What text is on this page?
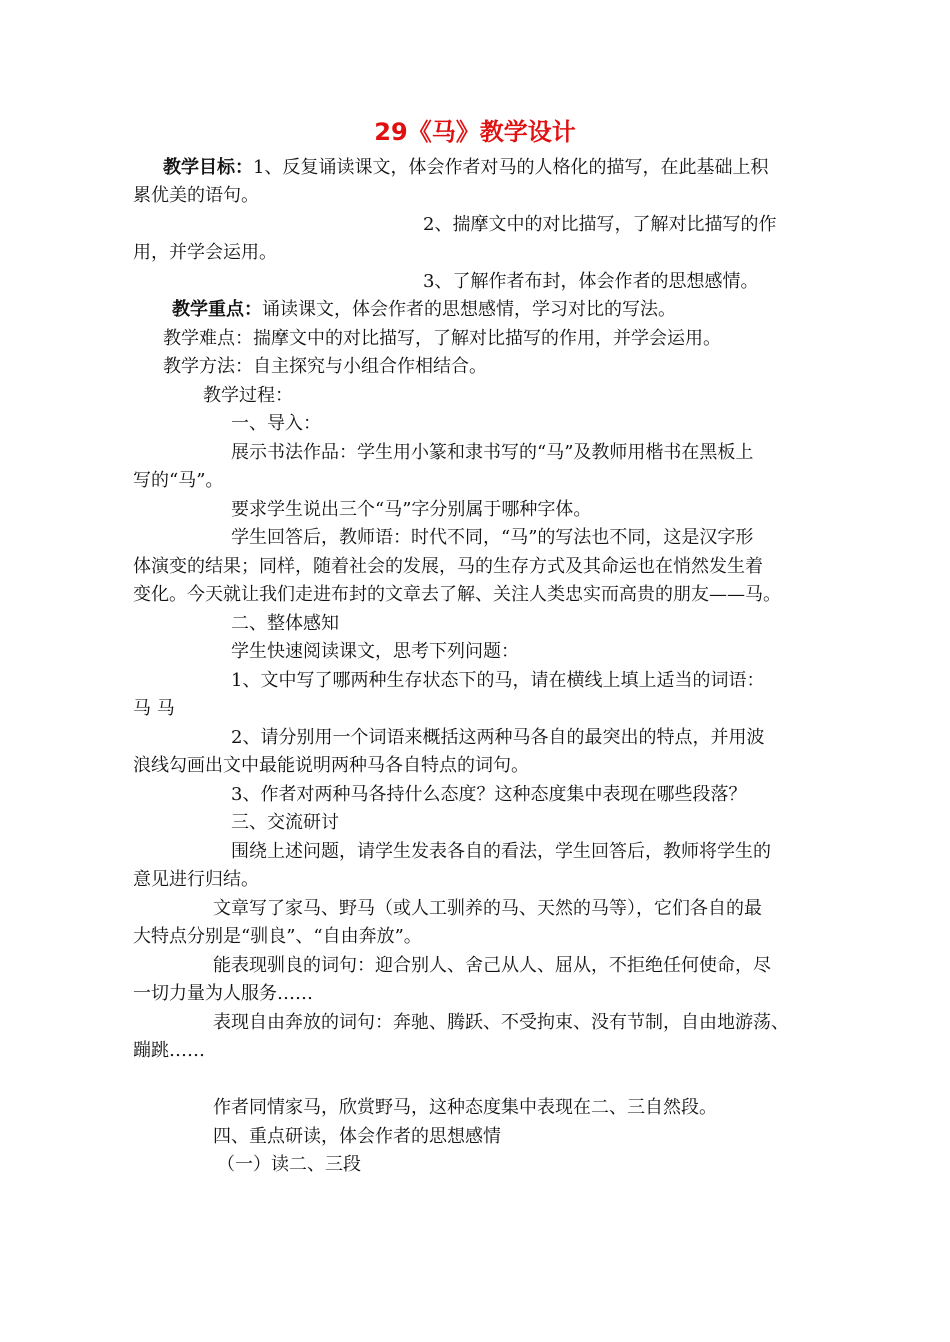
29《马》教学设计
教学目标：1、反复诵读课文，体会作者对马的人格化的描写，在此基础上积
累优美的语句。
2、揣摩文中的对比描写，了解对比描写的作
用，并学会运用。
3、了解作者布封，体会作者的思想感情。
教学重点：诵读课文，体会作者的思想感情，学习对比的写法。
教学难点：揣摩文中的对比描写，了解对比描写的作用，并学会运用。
教学方法：自主探究与小组合作相结合。
教学过程：
一、导入：
展示书法作品：学生用小篆和隶书写的“马”及教师用楷书在黑板上
写的“马”。
要求学生说出三个“马”字分别属于哪种字体。
学生回答后，教师语：时代不同，“马”的写法也不同，这是汉字形
体演变的结果；同样，随着社会的发展，马的生存方式及其命运也在悄然发生着
变化。今天就让我们走进布封的文章去了解、关注人类忠实而高贵的朋友——马。
二、整体感知
学生快速阅读课文，思考下列问题：
1、文中写了哪两种生存状态下的马，请在横线上填上适当的词语：
马 马
2、请分别用一个词语来概括这两种马各自的最突出的特点，并用波
浪线勾画出文中最能说明两种马各自特点的词句。
3、作者对两种马各持什么态度？这种态度集中表现在哪些段落？
三、交流研讨
围绕上述问题，请学生发表各自的看法，学生回答后，教师将学生的
意见进行归结。
文章写了家马、野马（或人工驯养的马、天然的马等），它们各自的最
大特点分别是“驯良”、“自由奔放”。
能表现驯良的词句：迎合别人、舍己从人、屈从，不拒绝任何使命，尽
一切力量为人服务……
表现自由奔放的词句：奔驰、腾跃、不受拘束、没有节制，自由地游荡、
蹦跳……
作者同情家马，欣赏野马，这种态度集中表现在二、三自然段。
四、重点研读，体会作者的思想感情
（一）读二、三段
